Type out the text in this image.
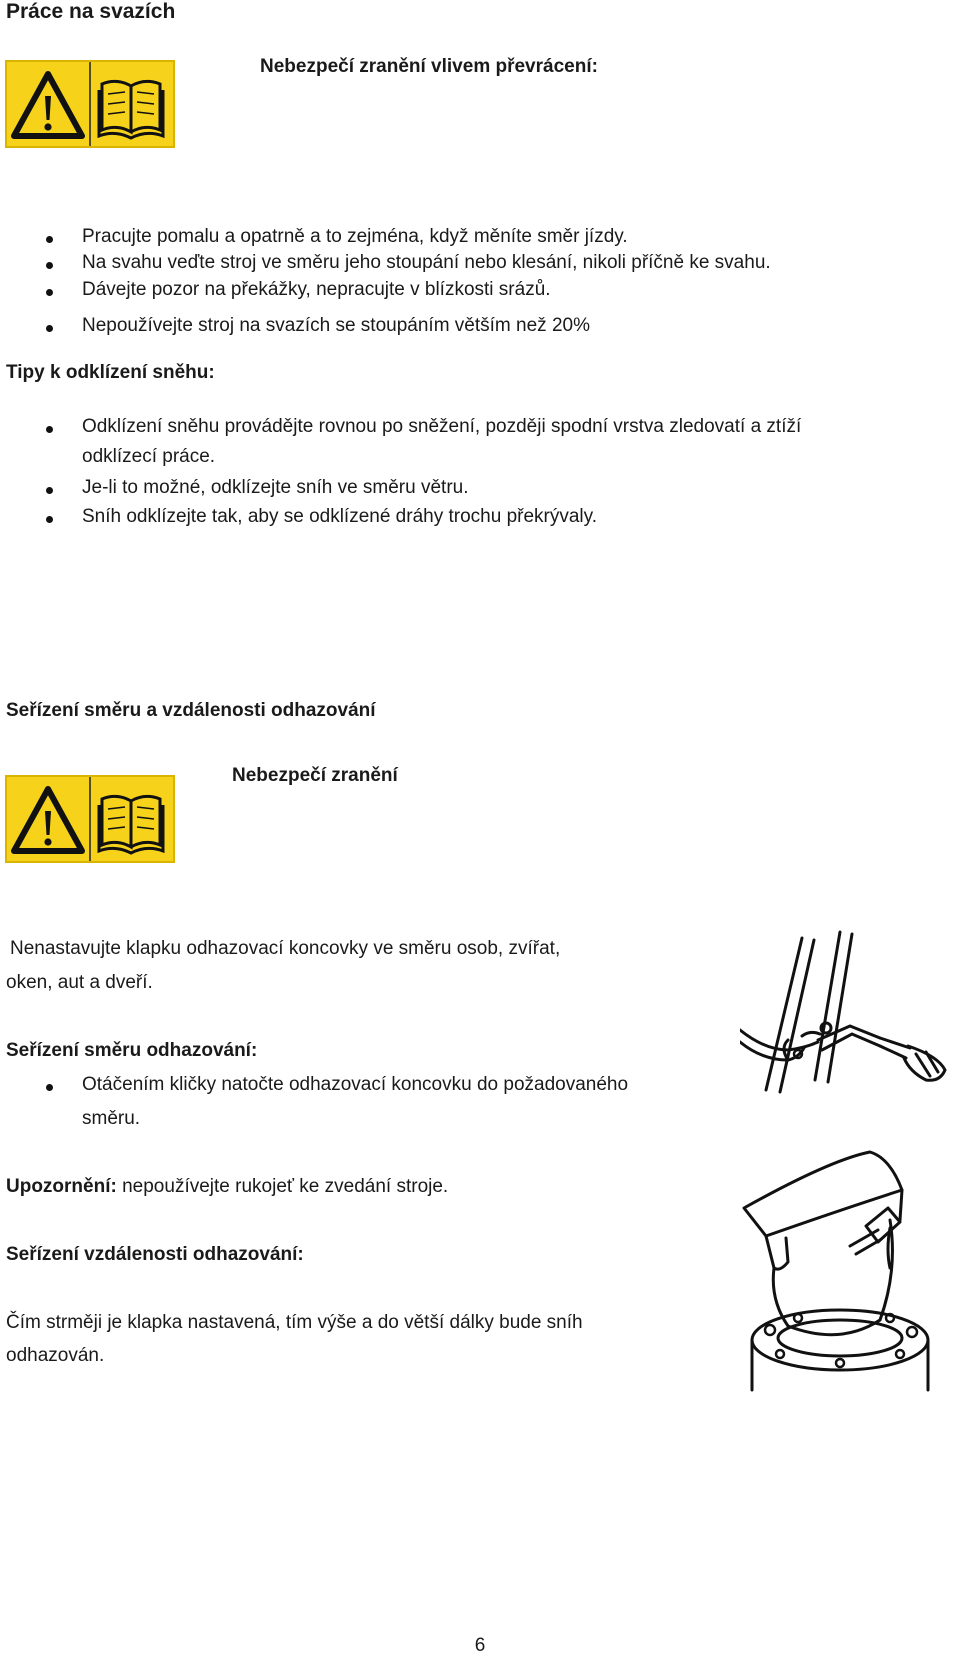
Práce na svazích
Nebezpečí zranění vlivem převrácení:
Pracujte pomalu a opatrně a to zejména, když měníte směr jízdy.
Na svahu veďte stroj ve směru jeho stoupání nebo klesání, nikoli příčně ke svahu.
Dávejte pozor na překážky, nepracujte v blízkosti srázů.
Nepoužívejte stroj na svazích se stoupáním větším než 20%
Tipy k odklízení sněhu:
Odklízení sněhu provádějte rovnou po sněžení, později spodní vrstva zledovatí a ztíží
odklízecí práce.
Je-li to možné, odklízejte sníh ve směru větru.
Sníh odklízejte tak, aby se odklízené dráhy trochu překrývaly.
Seřízení směru a vzdálenosti odhazování
Nebezpečí zranění
Nenastavujte klapku odhazovací koncovky ve směru osob, zvířat,
oken, aut a dveří.
Seřízení směru odhazování:
Otáčením kličky natočte odhazovací koncovku do požadovaného
směru.
Upozornění: nepoužívejte rukojeť ke zvedání stroje.
Seřízení vzdálenosti odhazování:
Čím strměji je klapka nastavená, tím výše a do větší dálky bude sníh
odhazován.
6
